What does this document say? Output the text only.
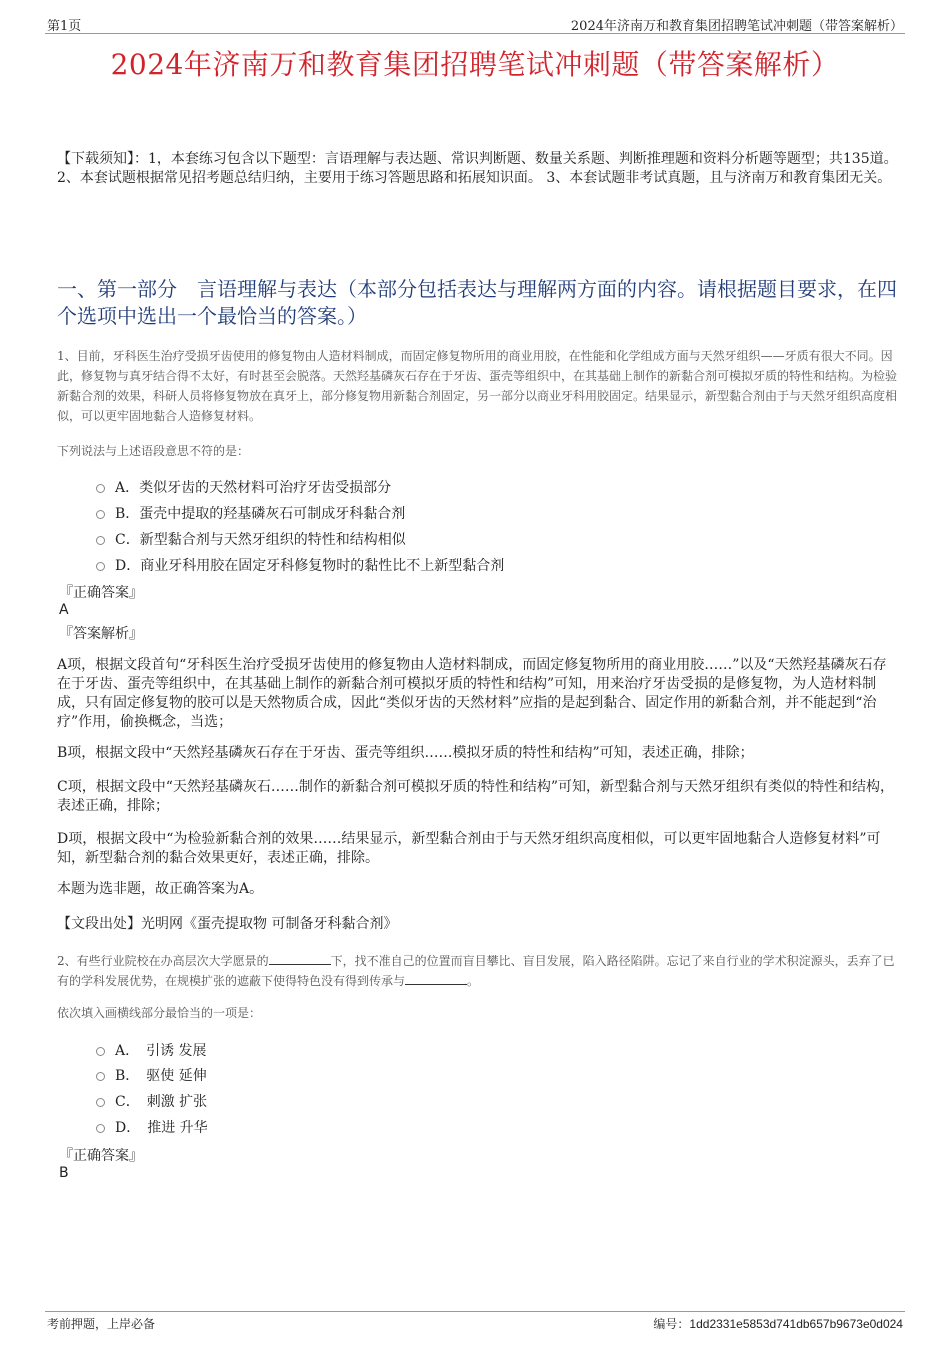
第1页	2024年济南万和教育集团招聘笔试冲刺题（带答案解析）
2024年济南万和教育集团招聘笔试冲刺题（带答案解析）
【下载须知】：1，本套练习包含以下题型：言语理解与表达题、常识判断题、数量关系题、判断推理题和资料分析题等题型；共135道。 2、本套试题根据常见招考题总结归纳，主要用于练习答题思路和拓展知识面。 3、本套试题非考试真题，且与济南万和教育集团无关。
一、第一部分　言语理解与表达（本部分包括表达与理解两方面的内容。请根据题目要求，在四个选项中选出一个最恰当的答案。）
1、目前，牙科医生治疗受损牙齿使用的修复物由人造材料制成，而固定修复物所用的商业用胶，在性能和化学组成方面与天然牙组织——牙质有很大不同。因此，修复物与真牙结合得不太好，有时甚至会脱落。天然羟基磷灰石存在于牙齿、蛋壳等组织中，在其基础上制作的新黏合剂可模拟牙质的特性和结构。为检验新黏合剂的效果，科研人员将修复物放在真牙上，部分修复物用新黏合剂固定，另一部分以商业牙科用胶固定。结果显示，新型黏合剂由于与天然牙组织高度相似，可以更牢固地黏合人造修复材料。
下列说法与上述语段意思不符的是：
A．类似牙齿的天然材料可治疗牙齿受损部分
B．蛋壳中提取的羟基磷灰石可制成牙科黏合剂
C．新型黏合剂与天然牙组织的特性和结构相似
D．商业牙科用胶在固定牙科修复物时的黏性比不上新型黏合剂
『正确答案』
A
『答案解析』
A项，根据文段首句“牙科医生治疗受损牙齿使用的修复物由人造材料制成，而固定修复物所用的商业用胶……”以及“天然羟基磷灰石存在于牙齿、蛋壳等组织中，在其基础上制作的新黏合剂可模拟牙质的特性和结构”可知，用来治疗牙齿受损的是修复物，为人造材料制成，只有固定修复物的胶可以是天然物质合成，因此“类似牙齿的天然材料”应指的是起到黏合、固定作用的新黏合剂，并不能起到“治疗”作用，偷换概念，当选；
B项，根据文段中“天然羟基磷灰石存在于牙齿、蛋壳等组织……模拟牙质的特性和结构”可知，表述正确，排除；
C项，根据文段中“天然羟基磷灰石……制作的新黏合剂可模拟牙质的特性和结构”可知，新型黏合剂与天然牙组织有类似的特性和结构，表述正确，排除；
D项，根据文段中“为检验新黏合剂的效果……结果显示，新型黏合剂由于与天然牙组织高度相似，可以更牢固地黏合人造修复材料”可知，新型黏合剂的黏合效果更好，表述正确，排除。
本题为选非题，故正确答案为A。
【文段出处】光明网《蛋壳提取物 可制备牙科黏合剂》
2、有些行业院校在办高层次大学愿景的	下，找不准自己的位置而盲目攀比、盲目发展，陷入路径陷阱。忘记了来自行业的学术积淀源头，丢弃了已有的学科发展优势，在规模扩张的遮蔽下使得特色没有得到传承与	。
依次填入画横线部分最恰当的一项是：
A．　引诱 发展
B．　驱使 延伸
C．　刺激 扩张
D．　推进 升华
『正确答案』
B
考前押题，上岸必备	编号：1dd2331e5853d741db657b9673e0d024
